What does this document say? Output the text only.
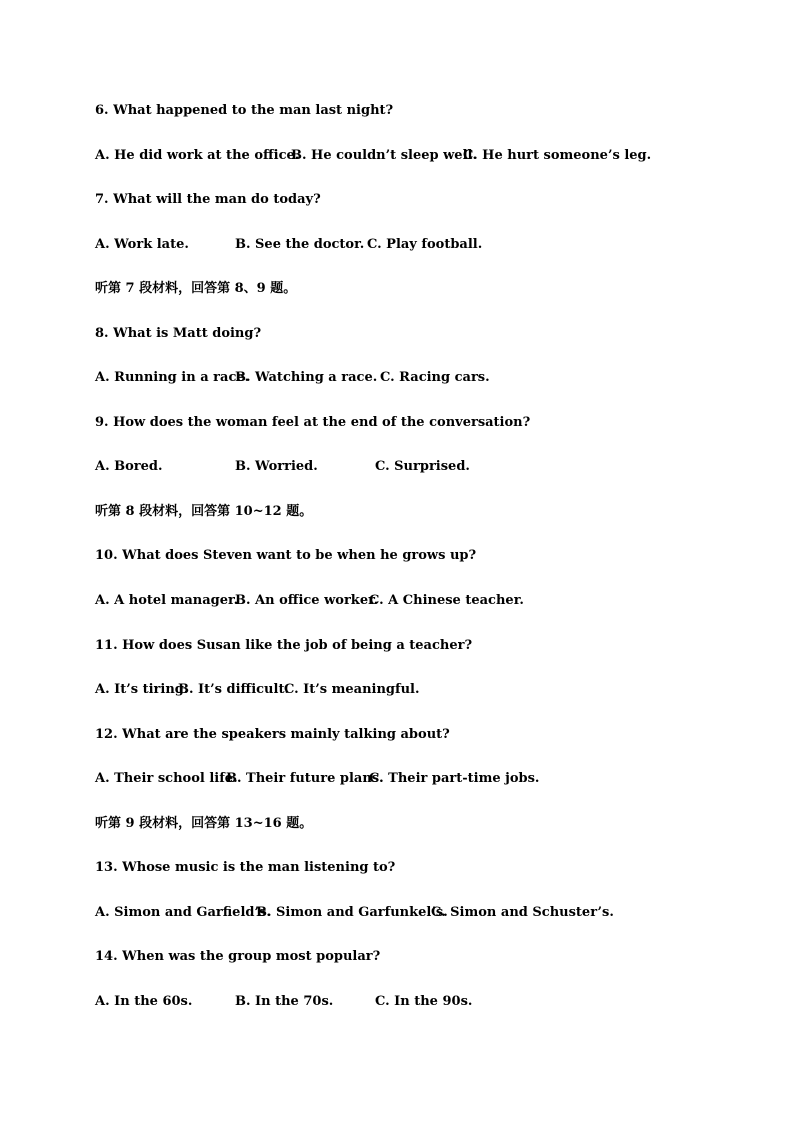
6. What happened to the man last night?
A. He did work at the office.
B. He couldn’t sleep well.
C. He hurt someone’s leg.
7. What will the man do today?
A. Work late.	B. See the doctor. C. Play football.
听第 7 段材料，回答第 8、9 题。
8. What is Matt doing?
A. Running in a race.
B. Watching a race. C. Racing cars.
9. How does the woman feel at the end of the conversation?
A. Bored.	B. Worried.	C. Surprised.
听第 8 段材料，回答第 10~12 题。
10. What does Steven want to be when he grows up?
A. A hotel manager.
B. An office worker.
C. A Chinese teacher.
11. How does Susan like the job of being a teacher?
A. It’s tiring.
B. It’s difficult.
C. It’s meaningful.
12. What are the speakers mainly talking about?
A. Their school life.
B. Their future plans.
C. Their part-time jobs.
听第 9 段材料，回答第 13~16 题。
13. Whose music is the man listening to?
A. Simon and Garfield’s.
B. Simon and Garfunkel’s.
C. Simon and Schuster’s.
14. When was the group most popular?
A. In the 60s.	B. In the 70s.	C. In the 90s.
